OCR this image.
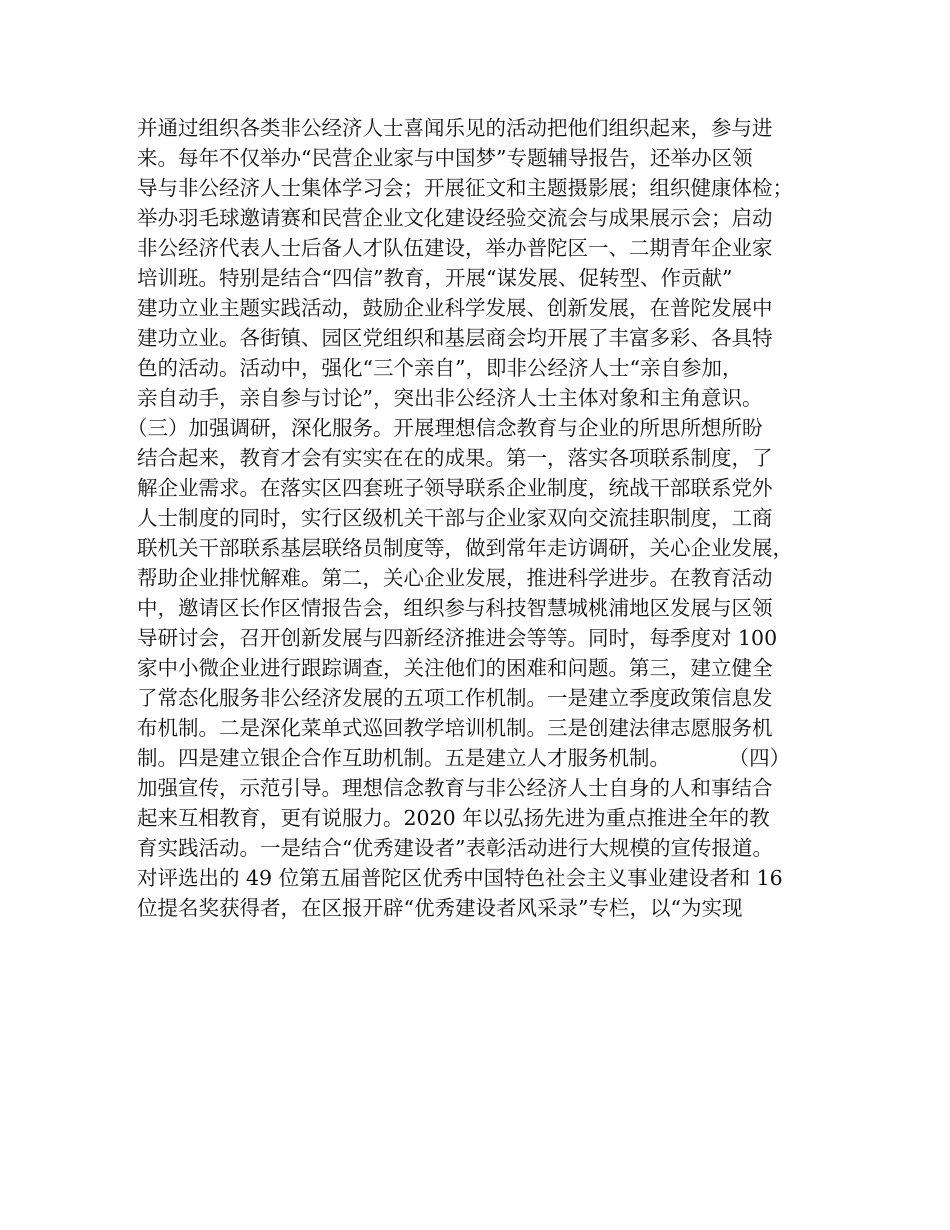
并通过组织各类非公经济人士喜闻乐见的活动把他们组织起来，参与进
来。每年不仅举办“民营企业家与中国梦”专题辅导报告，还举办区领
导与非公经济人士集体学习会；开展征文和主题摄影展；组织健康体检；
举办羽毛球邀请赛和民营企业文化建设经验交流会与成果展示会；启动
非公经济代表人士后备人才队伍建设，举办普陀区一、二期青年企业家
培训班。特别是结合“四信”教育，开展“谋发展、促转型、作贡献”
建功立业主题实践活动，鼓励企业科学发展、创新发展，在普陀发展中
建功立业。各街镇、园区党组织和基层商会均开展了丰富多彩、各具特
色的活动。活动中，强化“三个亲自”，即非公经济人士“亲自参加，
亲自动手，亲自参与讨论”，突出非公经济人士主体对象和主角意识。
（三）加强调研，深化服务。开展理想信念教育与企业的所思所想所盼
结合起来，教育才会有实实在在的成果。第一，落实各项联系制度，了
解企业需求。在落实区四套班子领导联系企业制度，统战干部联系党外
人士制度的同时，实行区级机关干部与企业家双向交流挂职制度，工商
联机关干部联系基层联络员制度等，做到常年走访调研，关心企业发展，
帮助企业排忧解难。第二，关心企业发展，推进科学进步。在教育活动
中，邀请区长作区情报告会，组织参与科技智慧城桃浦地区发展与区领
导研讨会，召开创新发展与四新经济推进会等等。同时，每季度对 100
家中小微企业进行跟踪调查，关注他们的困难和问题。第三，建立健全
了常态化服务非公经济发展的五项工作机制。一是建立季度政策信息发
布机制。二是深化菜单式巡回教学培训机制。三是创建法律志愿服务机
制。四是建立银企合作互助机制。五是建立人才服务机制。         （四）
加强宣传，示范引导。理想信念教育与非公经济人士自身的人和事结合
起来互相教育，更有说服力。2020 年以弘扬先进为重点推进全年的教
育实践活动。一是结合“优秀建设者”表彰活动进行大规模的宣传报道。
对评选出的 49 位第五届普陀区优秀中国特色社会主义事业建设者和 16
位提名奖获得者，在区报开辟“优秀建设者风采录”专栏，以“为实现
